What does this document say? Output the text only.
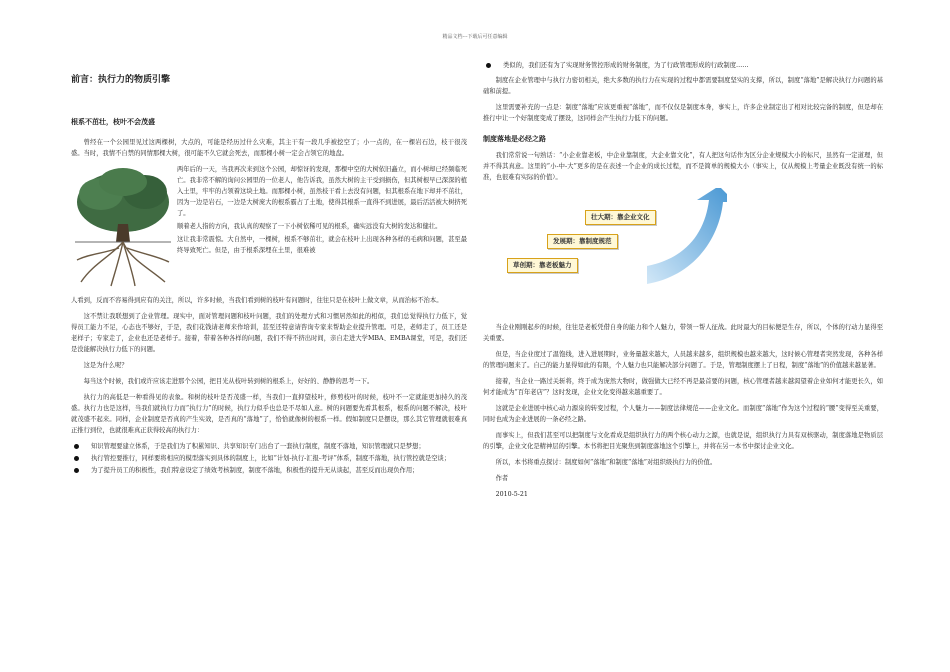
精品文档---下载后可任意编辑
前言：执行力的物质引擎
根系不茁壮，枝叶不会茂盛

曾经在一个公园里见过这两棵树，大点的，可能是经历过什么灾难，其主干有一段几乎被挖空了；小一点的，在一棵岩石边，枝干很茂盛。当时，我情不自禁的同情那棵大树，很可能不久它就会死去，而那棵小树一定会占领它的地盘。

两年后的一天，当我再次来到这个公园，却惊讶的发现，那棵中空的大树依旧矗立，而小树却已经频临死亡。我非常不解的询问公园里的一位老人，他告诉我，虽然大树的主干受到损伤，但其树根早已深深的植入土里，牢牢的占领着这块土地。而那棵小树，虽然枝干看上去没有问题，但其根系在地下却并不茁壮，因为一边是岩石，一边是大树庞大的根系霸占了土地，使得其根系一直得不到进展，最后活活被大树挤死了。

顺着老人指的方向，我认真的观察了一下小树依稀可见的根系，确实远没有大树的发达和健壮。

这让我非常震惊。大自然中，一棵树，根系不够茁壮，就会在枝叶上出现各种各样的毛病和问题，甚至最终导致死亡。但是，由于根系深埋在土里，很难被

人看到，反而不容易得到应有的关注，所以，许多时候，当我们看到树的枝叶有问题时，往往只是在枝叶上做文章，从而治标不治本。

这不禁让我联想到了企业管理。现实中，面对管理问题和枝叶问题，我们的处理方式和习惯居然如此的相似，我们总觉得执行力低下，觉得员工能力不足，心态也不够好，于是，我们花钱请老师来作培训，甚至还特意请咨询专家来帮助企业提升管理。可是，老师走了，员工还是老样子；专家走了，企业也还是老样子。接着，带着各种各样的问题，我们不得不挤出时间，亲自走进大学MBA、EMBA课堂，可是，我们还是没能解决执行力低下的问题。

这是为什么呢？

每当这个时候，我们或许应该走进那个公园，把目光从枝叶转到树的根系上，好好的、静静的思考一下。

执行力的高低是一种看得见的表象。和树的枝叶是否茂盛一样，当我们一直抑望枝叶，修剪枝叶的时候，枝叶不一定就能更加持久的茂盛。执行力也是这样，当我们就执行力而“执行力”的时候，执行力似乎也总是不尽如人意。树的问题要先看其根系，根系的问题不解决，枝叶就茂盛不起来。同样，企业制度是否真的产生实效，是否真的“落地”了，恰恰就像树的根系一样。假如制度只是摆设，那么其它管理就很难真正推行到位，也就很难真正获得较高的执行力：

知识管理要建立体系，于是我们为了积累知识、共享知识专门出台了一套执行制度，制度不落地，知识管理就只是梦想；
执行管控要推行，同样要将相应的模型落实到具体的制度上，比如“计划-执行-汇报-考评”体系，制度不落地，执行管控就是空谈；
为了提升员工的积极性，我们特意设定了绩效考核制度，制度不落地，积极性的提升无从谈起，甚至反而出现负作用；
类似的，我们还有为了实现财务管控形成的财务制度，为了行政管理形成的行政制度……

制度在企业管理中与执行力密切相关，绝大多数的执行力在实现的过程中都需要制度坚实的支撑，所以，制度“落地”是解决执行力问题的基础和前提。

这里需要补充的一点是：制度“落地”应该更重视“落地”，而不仅仅是制度本身，事实上，许多企业制定出了相对比较完备的制度，但是却在推行中让一个好制度变成了摆设，这同样会产生执行力低下的问题。

制度落地是必经之路

我们常常说一句熟话：“小企业靠老板，中企业靠制度，大企业靠文化”，有人把这句话作为区分企业规模大小的标尺，虽然有一定道理，但并不得其真意。这里的“小-中-大”更多的是在表述一个企业的成长过程，而不是简单的规模大小（事实上，仅从规模上考量企业既没有统一的标准，也很难有实际的价值）。

壮大期：靠企业文化
发展期：靠制度规范
草创期：靠老板魅力

当企业刚刚起步的时候，往往是老板凭借自身的能力和个人魅力，带领一帮人征战。此时最大的目标便是生存，所以，个体的行动力显得至关重要。

但是，当企业度过了温饱线，进入进展期时，业务量越来越大，人员越来越多，组织规模也越来越大，这时候心管理者突然发现，各种各样的管理问题来了。自己的能力显得如此的有限，个人魅力也只能解决部分问题了。于是，管理制度摆上了日程，制度“落地”的价值越来越显著。

接着，当企业一路过关斩将，终于成为庞然大物时，做强做大已经不再是最首要的问题，核心管理者越来越渴望着企业如何才能更长久，如何才能成为“百年老店”？这时发现，企业文化变得越来越重要了。

这就是企业进展中核心动力源泉的转变过程，个人魅力——制度法律规范——企业文化。而制度“落地”作为这个过程的“腰”变得至关重要，同时也成为企业进展的一条必经之路。

而事实上，但我们甚至可以把制度与文化看成是组织执行力的两个核心动力之源，也就是说，组织执行力具有双核驱动，制度落地是物质层的引擎，企业文化是精神层的引擎。本书将把目光聚焦到制度落地这个引擎上，并将在另一本书中探讨企业文化。

所以，本书将重点探讨：制度如何“落地”和制度“落地”对组织级执行力的价值。

作者

2010-5-21
